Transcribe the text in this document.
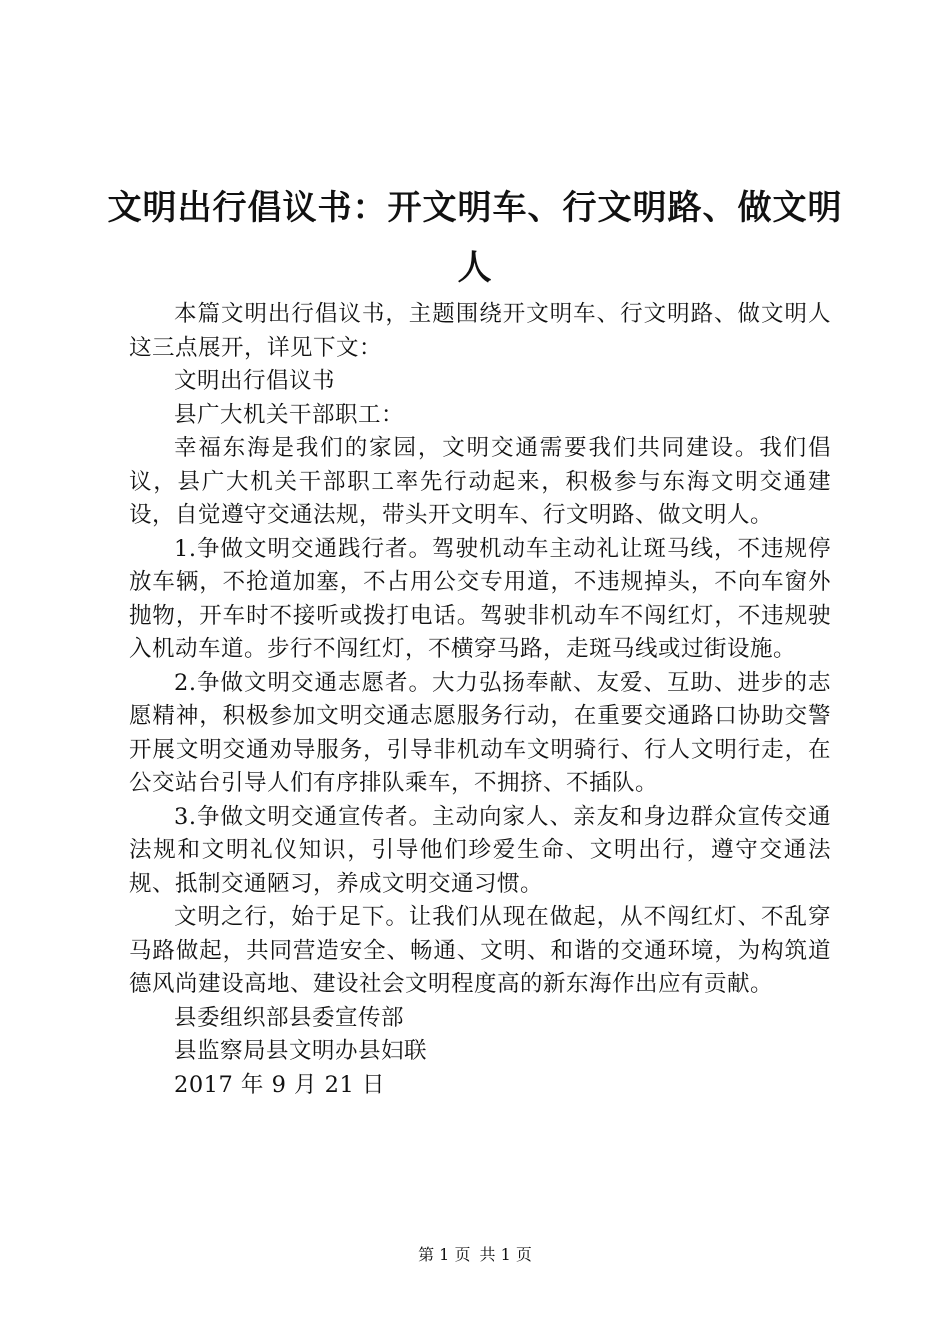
文明出行倡议书：开文明车、行文明路、做文明人

本篇文明出行倡议书，主题围绕开文明车、行文明路、做文明人这三点展开，详见下文：

文明出行倡议书

县广大机关干部职工：

幸福东海是我们的家园，文明交通需要我们共同建设。我们倡议，县广大机关干部职工率先行动起来，积极参与东海文明交通建设，自觉遵守交通法规，带头开文明车、行文明路、做文明人。

1.争做文明交通践行者。驾驶机动车主动礼让斑马线，不违规停放车辆，不抢道加塞，不占用公交专用道，不违规掉头，不向车窗外抛物，开车时不接听或拨打电话。驾驶非机动车不闯红灯，不违规驶入机动车道。步行不闯红灯，不横穿马路，走斑马线或过街设施。

2.争做文明交通志愿者。大力弘扬奉献、友爱、互助、进步的志愿精神，积极参加文明交通志愿服务行动，在重要交通路口协助交警开展文明交通劝导服务，引导非机动车文明骑行、行人文明行走，在公交站台引导人们有序排队乘车，不拥挤、不插队。

3.争做文明交通宣传者。主动向家人、亲友和身边群众宣传交通法规和文明礼仪知识，引导他们珍爱生命、文明出行，遵守交通法规、抵制交通陋习，养成文明交通习惯。

文明之行，始于足下。让我们从现在做起，从不闯红灯、不乱穿马路做起，共同营造安全、畅通、文明、和谐的交通环境，为构筑道德风尚建设高地、建设社会文明程度高的新东海作出应有贡献。

县委组织部县委宣传部

县监察局县文明办县妇联

2017 年 9 月 21 日

第 1 页 共 1 页
